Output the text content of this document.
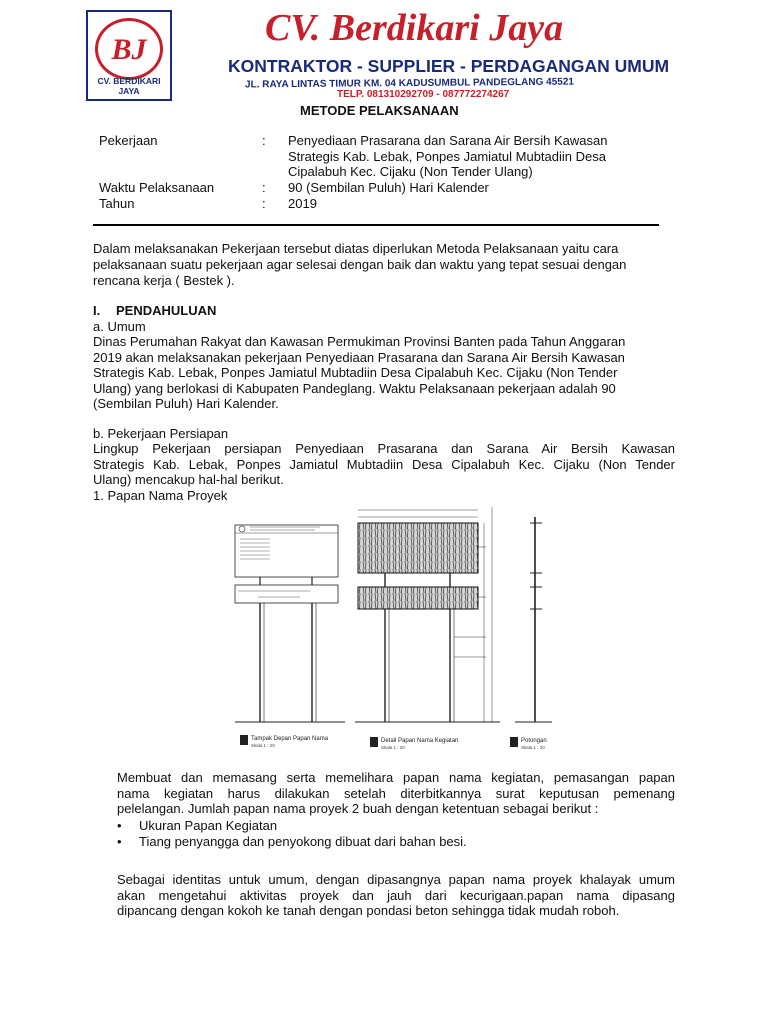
BJ
CV. BERDIKARI JAYA
CV. Berdikari Jaya
KONTRAKTOR - SUPPLIER - PERDAGANGAN UMUM
JL. RAYA LINTAS TIMUR KM. 04 KADUSUMBUL PANDEGLANG 45521
TELP. 081310292709 - 087772274267
METODE PELAKSANAAN
Pekerjaan	: Penyediaan Prasarana dan Sarana Air Bersih Kawasan
Strategis Kab. Lebak, Ponpes Jamiatul Mubtadiin Desa
Cipalabuh Kec. Cijaku (Non Tender Ulang)
Waktu Pelaksanaan	: 90 (Sembilan Puluh) Hari Kalender
Tahun	: 2019
Dalam melaksanakan Pekerjaan tersebut diatas diperlukan Metoda Pelaksanaan yaitu cara
pelaksanaan suatu pekerjaan agar selesai dengan baik dan waktu yang tepat sesuai dengan
rencana kerja ( Bestek ).
I. PENDAHULUAN
a. Umum
Dinas Perumahan Rakyat dan Kawasan Permukiman Provinsi Banten pada Tahun Anggaran
2019 akan melaksanakan pekerjaan Penyediaan Prasarana dan Sarana Air Bersih Kawasan
Strategis Kab. Lebak, Ponpes Jamiatul Mubtadiin Desa Cipalabuh Kec. Cijaku (Non Tender
Ulang) yang berlokasi di Kabupaten Pandeglang. Waktu Pelaksanaan pekerjaan adalah 90
(Sembilan Puluh) Hari Kalender.
b. Pekerjaan Persiapan
Lingkup Pekerjaan persiapan Penyediaan Prasarana dan Sarana Air Bersih Kawasan
Strategis Kab. Lebak, Ponpes Jamiatul Mubtadiin Desa Cipalabuh Kec. Cijaku (Non Tender
Ulang) mencakup hal-hal berikut.
1. Papan Nama Proyek
Tampak Depan Papan Nama
Skala 1 : 20
Detail Papan Nama Kegiatan
Skala 1 : 20
Potongan
Skala 1 : 20
Membuat dan memasang serta memelihara papan nama kegiatan, pemasangan papan
nama kegiatan harus dilakukan setelah diterbitkannya surat keputusan pemenang
pelelangan. Jumlah papan nama proyek 2 buah dengan ketentuan sebagai berikut :
• Ukuran Papan Kegiatan
• Tiang penyangga dan penyokong dibuat dari bahan besi.
Sebagai identitas untuk umum, dengan dipasangnya papan nama proyek khalayak umum
akan mengetahui aktivitas proyek dan jauh dari kecurigaan.papan nama dipasang
dipancang dengan kokoh ke tanah dengan pondasi beton sehingga tidak mudah roboh.
